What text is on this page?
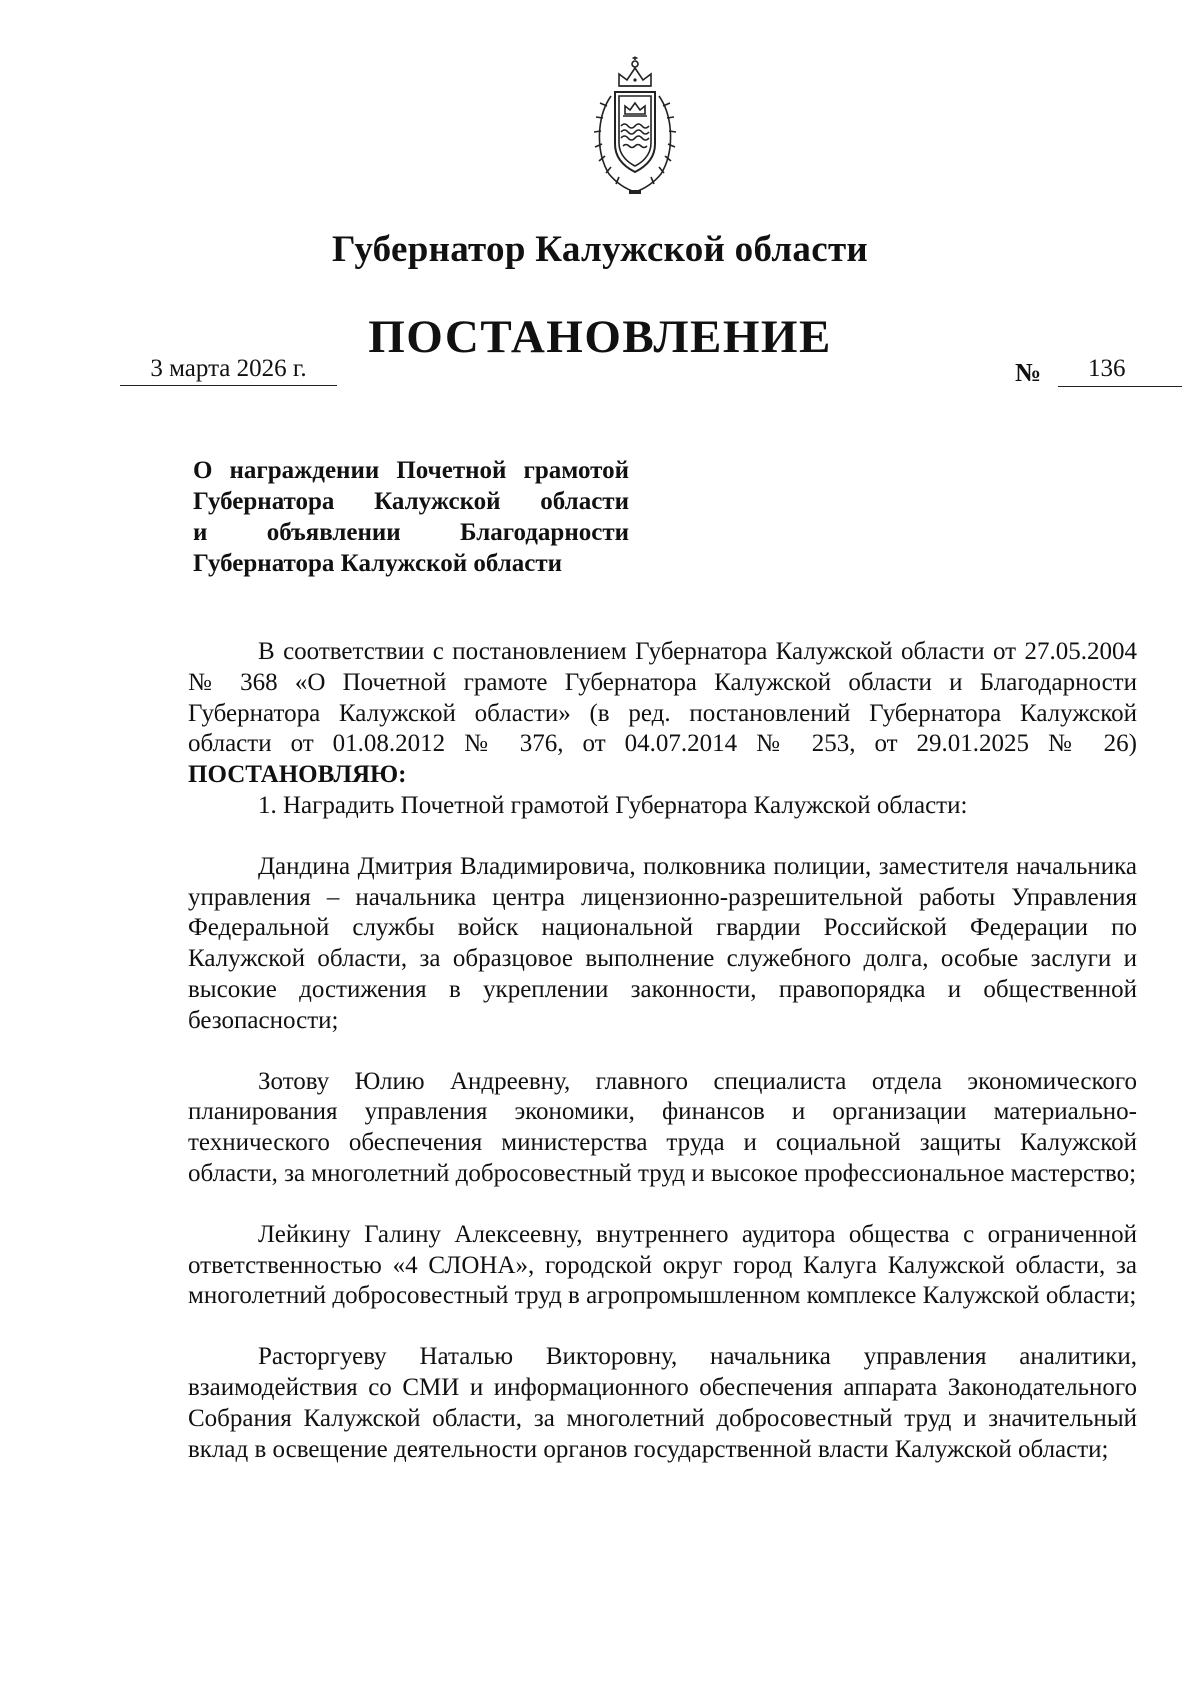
Губернатор Калужской области
ПОСТАНОВЛЕНИЕ
3 марта 2026 г.	№	136
О награждении Почетной грамотой
Губернатора Калужской области
и объявлении Благодарности
Губернатора Калужской области

В соответствии с постановлением Губернатора Калужской области от 27.05.2004 № 368 «О Почетной грамоте Губернатора Калужской области и Благодарности Губернатора Калужской области» (в ред. постановлений Губернатора Калужской области от 01.08.2012 № 376, от 04.07.2014 № 253, от 29.01.2025 № 26) ПОСТАНОВЛЯЮ:

1. Наградить Почетной грамотой Губернатора Калужской области:

Дандина Дмитрия Владимировича, полковника полиции, заместителя начальника управления – начальника центра лицензионно-разрешительной работы Управления Федеральной службы войск национальной гвардии Российской Федерации по Калужской области, за образцовое выполнение служебного долга, особые заслуги и высокие достижения в укреплении законности, правопорядка и общественной безопасности;

Зотову Юлию Андреевну, главного специалиста отдела экономического планирования управления экономики, финансов и организации материально-технического обеспечения министерства труда и социальной защиты Калужской области, за многолетний добросовестный труд и высокое профессиональное мастерство;

Лейкину Галину Алексеевну, внутреннего аудитора общества с ограниченной ответственностью «4 СЛОНА», городской округ город Калуга Калужской области, за многолетний добросовестный труд в агропромышленном комплексе Калужской области;

Расторгуеву Наталью Викторовну, начальника управления аналитики, взаимодействия со СМИ и информационного обеспечения аппарата Законодательного Собрания Калужской области, за многолетний добросовестный труд и значительный вклад в освещение деятельности органов государственной власти Калужской области;
